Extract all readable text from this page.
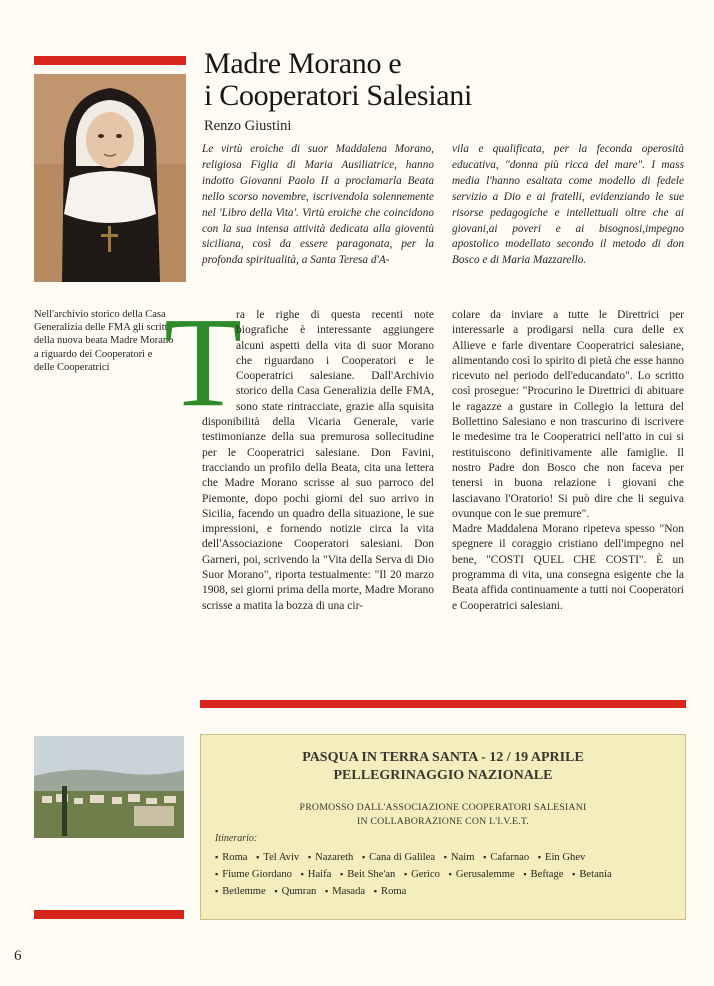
Madre Morano e
i Cooperatori Salesiani
Renzo Giustini
Le virtù eroiche di suor Maddalena Morano, religiosa Figlia di Maria Ausiliatrice, hanno indotto Giovanni Paolo II a proclamarla Beata nello scorso novembre, iscrivendola solennemente nel 'Libro della Vita'. Virtù eroiche che coincidono con la sua intensa attività dedicata alla gioventù siciliana, così da essere paragonata, per la profonda spiritualità, a Santa Teresa d'A-
vila e qualificata, per la feconda operosità educativa, "donna più ricca del mare". I mass media l'hanno esaltata come modello di fedele servizio a Dio e ai fratelli, evidenziando le sue risorse pedagogiche e intellettuali oltre che ai giovani,ai poveri e ai bisognosi,impegno apostolico modellato secondo il metodo di don Bosco e di Maria Mazzarello.
Nell'archivio storico della Casa Generalizia delle FMA gli scritti della nuova beata Madre Morano a riguardo dei Cooperatori e delle Cooperatrici T

ra le righe di questa recenti note biografiche è interessante aggiungere alcuni aspetti della vita di suor Morano che riguardano i Cooperatori e le Cooperatrici salesiane. Dall'Archivio storico della Casa Generalizia delle FMA, sono state rintracciate, grazie alla squisita disponibilità della Vicaria Generale, varie testimonianze della sua premurosa sollecitudine per le Cooperatrici salesiane. Don Favini, tracciando un profilo della Beata, cita una lettera che Madre Morano scrisse al suo parroco del Piemonte, dopo pochi giorni del suo arrivo in Sicilia, facendo un quadro della situazione, le sue impressioni, e fornendo notizie circa la vita dell'Associazione Cooperatori salesiani. Don Garneri, poi, scrivendo la "Vita della Serva di Dio Suor Morano", riporta testualmente: "Il 20 marzo 1908, sei giorni prima della morte, Madre Morano scrisse a matita la bozza di una cir-

colare da inviare a tutte le Direttrici per interessarle a prodigarsi nella cura delle ex Allieve e farle diventare Cooperatrici salesiane, alimentando così lo spirito di pietà che esse hanno ricevuto nel periodo dell'educandato". Lo scritto così prosegue: "Procurino le Direttrici di abituare le ragazze a gustare in Collegio la lettura del Bollettino Salesiano e non trascurino di iscrivere le medesime tra le Cooperatrici nell'atto in cui si restituiscono definitivamente alle famiglie. Il nostro Padre don Bosco che non faceva per tenersi in buona relazione i giovani che lasciavano l'Oratorio! Si può dire che li seguiva ovunque con le sue premure".

Madre Maddalena Morano ripeteva spesso "Non spegnere il coraggio cristiano dell'impegno nel bene, "COSTI QUEL CHE COSTI". È un programma di vita, una consegna esigente che la Beata affida continuamente a tutti noi Cooperatori e Cooperatrici salesiani.

PASQUA IN TERRA SANTA - 12 / 19 APRILE
PELLEGRINAGGIO NAZIONALE
PROMOSSO DALL'ASSOCIAZIONE COOPERATORI SALESIANI
IN COLLABORAZIONE CON L'I.V.E.T.
Itinerario:
▪ Roma ▪ Tel Aviv ▪ Nazareth ▪ Cana di Galilea ▪ Naim ▪ Cafarnao ▪ Ein Ghev ▪ Fiume Giordano ▪ Haifa ▪ Beit She'an ▪ Gerico ▪ Gerusalemme ▪ Beftage ▪ Betania ▪ Betlemme ▪ Qumran ▪ Masada ▪ Roma
6
